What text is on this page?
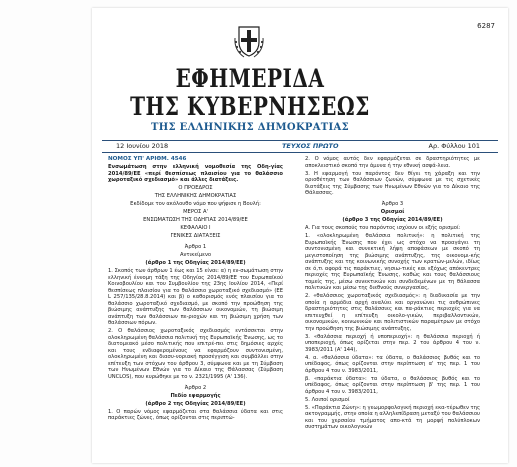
6287
ΕΦΗΜΕΡΙΔΑ
ΤΗΣ ΚΥΒΕΡΝΗΣΕΩΣ
ΤΗΣ ΕΛΛΗΝΙΚΗΣ ΔΗΜΟΚΡΑΤΙΑΣ
12 Ιουνίου 2018	ΤΕΥΧΟΣ ΠΡΩΤΟ	Αρ. Φύλλου 101

ΝΟΜΟΣ ΥΠ' ΑΡΙΘΜ. 4546

Ενσωμάτωση στην ελληνική νομοθεσία της Οδη-γίας 2014/89/ΕΕ «περί θεσπίσεως πλαισίου για το θαλάσσιο χωροταξικό σχεδιασμό» και άλλες διατάξεις.

Ο ΠΡΟΕΔΡΟΣ

ΤΗΣ ΕΛΛΗΝΙΚΗΣ ΔΗΜΟΚΡΑΤΙΑΣ

Εκδίδομε τον ακόλουθο νόμο που ψήφισε η Βουλή:

ΜΕΡΟΣ Α'

ΕΝΣΩΜΑΤΩΣΗ ΤΗΣ ΟΔΗΓΙΑΣ 2014/89/ΕΕ

ΚΕΦΑΛΑΙΟ Ι

ΓΕΝΙΚΕΣ ΔΙΑΤΑΞΕΙΣ

Άρθρο 1

Αντικείμενο

(άρθρο 1 της Οδηγίας 2014/89/ΕΕ)

1. Σκοπός των άρθρων 1 έως και 15 είναι: α) η εν-σωμάτωση στην ελληνική έννομη τάξη της Οδηγίας 2014/89/ΕΕ του Ευρωπαϊκού Κοινοβουλίου και του Συμβουλίου της 23ης Ιουλίου 2014, «Περί θεσπίσεως πλαισίου για το θαλάσσιο χωροταξικό σχεδιασμό» (EE L 257/135/28.8.2014) και β) ο καθορισμός ενός πλαισίου για το θαλάσσιο χωροταξικό σχεδιασμό, με σκοπό την προώθηση της βιώσιμης ανάπτυξης των θαλάσσιων οικονομιών, τη βιώσιμη ανάπτυξη των θαλάσσιων πε-ριοχών και τη βιώσιμη χρήση των θαλάσσιων πόρων.

2. Ο θαλάσσιος χωροταξικός σχεδιασμός εντάσσεται στην ολοκληρωμένη θαλάσσια πολιτική της Ευρωπαϊκής Ένωσης, ως το διατομεακό μέσο πολιτικής που επιτρέ-πει στις δημόσιες αρχές και τους ενδιαφερομένους να εφαρμόζουν συντονισμένη, ολοκληρωμένη και διασυ-νοριακή προσέγγιση και συμβάλλει στην επίτευξη των στόχων του άρθρου 3, σύμφωνα και με τη Σύμβαση των Ηνωμένων Εθνών για το Δίκαιο της Θάλασσας (Σύμβαση UNCLOS), που κυρώθηκε με το ν. 2321/1995 (Α' 136).

Άρθρο 2

Πεδίο εφαρμογής

(άρθρο 2 της Οδηγίας 2014/89/ΕΕ)

1. Ο παρών νόμος εφαρμόζεται στα θαλάσσια ύδατα και στις παράκτιες ζώνες, όπως ορίζονται στις περιπτώ-

2. Ο νόμος αυτός δεν εφαρμόζεται σε δραστηριότητες με αποκλειστικό σκοπό την άμυνα ή την εθνική ασφά-λεια.

3. Η εφαρμογή του παρόντος δεν θίγει τη χάραξη και την οριοθέτηση των θαλάσσιων ζωνών, σύμφωνα με τις σχετικές διατάξεις της Σύμβασης των Ηνωμένων Εθνών για το Δίκαιο της Θάλασσας.

Άρθρο 3

Ορισμοί

(άρθρο 3 της Οδηγίας 2014/89/ΕΕ)

Α. Για τους σκοπούς του παρόντος ισχύουν οι εξής ορισμοί:

1. «ολοκληρωμένη θαλάσσια πολιτική»: η πολιτική της Ευρωπαϊκής Ένωσης που έχει ως στόχο να προαγάγει τη συντονισμένη και συνεκτική λήψη αποφάσεων με σκοπό τη μεγιστοποίηση της βιώσιμης ανάπτυξης, της οικονομι-κής ανάπτυξης και της κοινωνικής συνοχής των κρατών-μελών, ιδίως σε ό,τι αφορά τις παράκτιες, νησιω-τικές και εξόχως απόκεντρες περιοχές της Ευρωπαϊκής Ένωσης, καθώς και τους θαλάσσιους τομείς της, μέσω συνεκτικών και συνδεδεμένων με τη θάλασσα πολιτικών και μέσω της διεθνούς συνεργασίας,

2. «θαλάσσιος χωροταξικός σχεδιασμός»: η διαδικασία με την οποία η αρμόδια αρχή αναλύει και οργανώνει τις ανθρώπινες δραστηριότητες στις θαλάσσιες και πα-ράκτιες περιοχές για να επιτευχθεί η επίτευξη οικολο-γικών, περιβαλλοντικών, οικονομικών, κοινωνικών και πολιτιστικών παραμέτρων με στόχο την προώθηση της βιώσιμης ανάπτυξης,

3. «θαλάσσια περιοχή ή υποπεριοχή»: η θαλάσσια περιοχή ή υποπεριοχή, όπως ορίζεται στην περ. 2 του άρθρου 4 του ν. 3983/2011 (Α' 144),

4. α. «θαλάσσια ύδατα»: τα ύδατα, ο θαλάσσιος βυθός και το υπέδαφος, όπως ορίζονται στην περίπτωση α' της περ. 1 του άρθρου 4 του ν. 3983/2011,

β. «παράκτια ύδατα»: τα ύδατα, ο θαλάσσιος βυθός και το υπέδαφος, όπως ορίζονται στην περίπτωση β' της περ. 1 του άρθρου 4 του ν. 3983/2011,

5. Λοιποί ορισμοί

5. «Παράκτια Ζώνη»: η γεωμορφολογική περιοχή εκα-τέρωθεν της ακτογραμμής, στην οποία η αλληλεπίδραση μεταξύ του θαλάσσιου και του χερσαίου τμήματος απο-κτά τη μορφή πολύπλοκων συστημάτων οικολογικών
